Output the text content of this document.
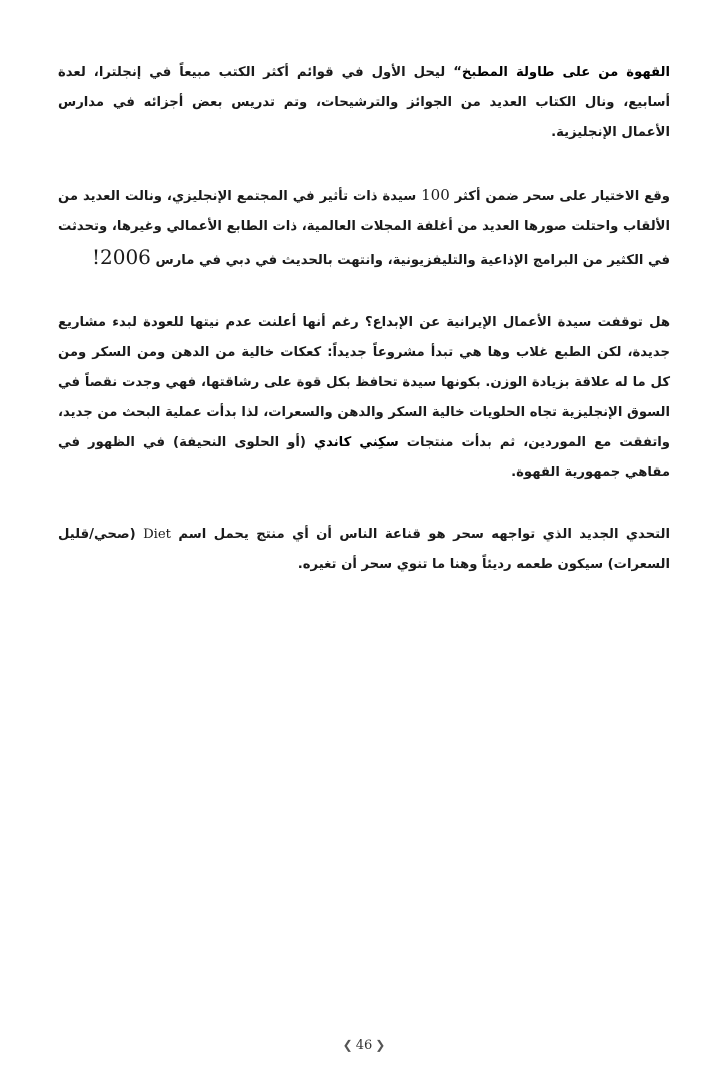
القهوة من على طاولة المطبخ“ ليحل الأول في قوائم أكثر الكتب مبيعاً في إنجلترا، لعدة أسابيع، ونال الكتاب العديد من الجوائز والترشيحات، وتم تدريس بعض أجزائه في مدارس الأعمال الإنجليزية.

وقع الاختيار على سحر ضمن أكثر 100 سيدة ذات تأثير في المجتمع الإنجليزي، ونالت العديد من الألقاب واحتلت صورها العديد من أغلفة المجلات العالمية، ذات الطابع الأعمالي وغيرها، وتحدثت في الكثير من البرامج الإذاعية والتليفزيونية، وانتهت بالحديث في دبي في مارس 2006!

هل توقفت سيدة الأعمال الإيرانية عن الإبداع؟ رغم أنها أعلنت عدم نيتها للعودة لبدء مشاريع جديدة، لكن الطبع غلاب وها هي تبدأ مشروعاً جديداً: كعكات خالية من الدهن ومن السكر ومن كل ما له علاقة بزيادة الوزن. بكونها سيدة تحافظ بكل قوة على رشاقتها، فهي وجدت نقصاً في السوق الإنجليزية تجاه الحلويات خالية السكر والدهن والسعرات، لذا بدأت عملية البحث من جديد، واتفقت مع الموردين، ثم بدأت منتجات سكِني كاندي (أو الحلوى النحيفة) في الظهور في مقاهي جمهورية القهوة.

التحدي الجديد الذي تواجهه سحر هو قناعة الناس أن أي منتج يحمل اسم Diet (صحي/قليل السعرات) سيكون طعمه رديئاً وهنا ما تنوي سحر أن تغيره.

❮ 46 ❯
